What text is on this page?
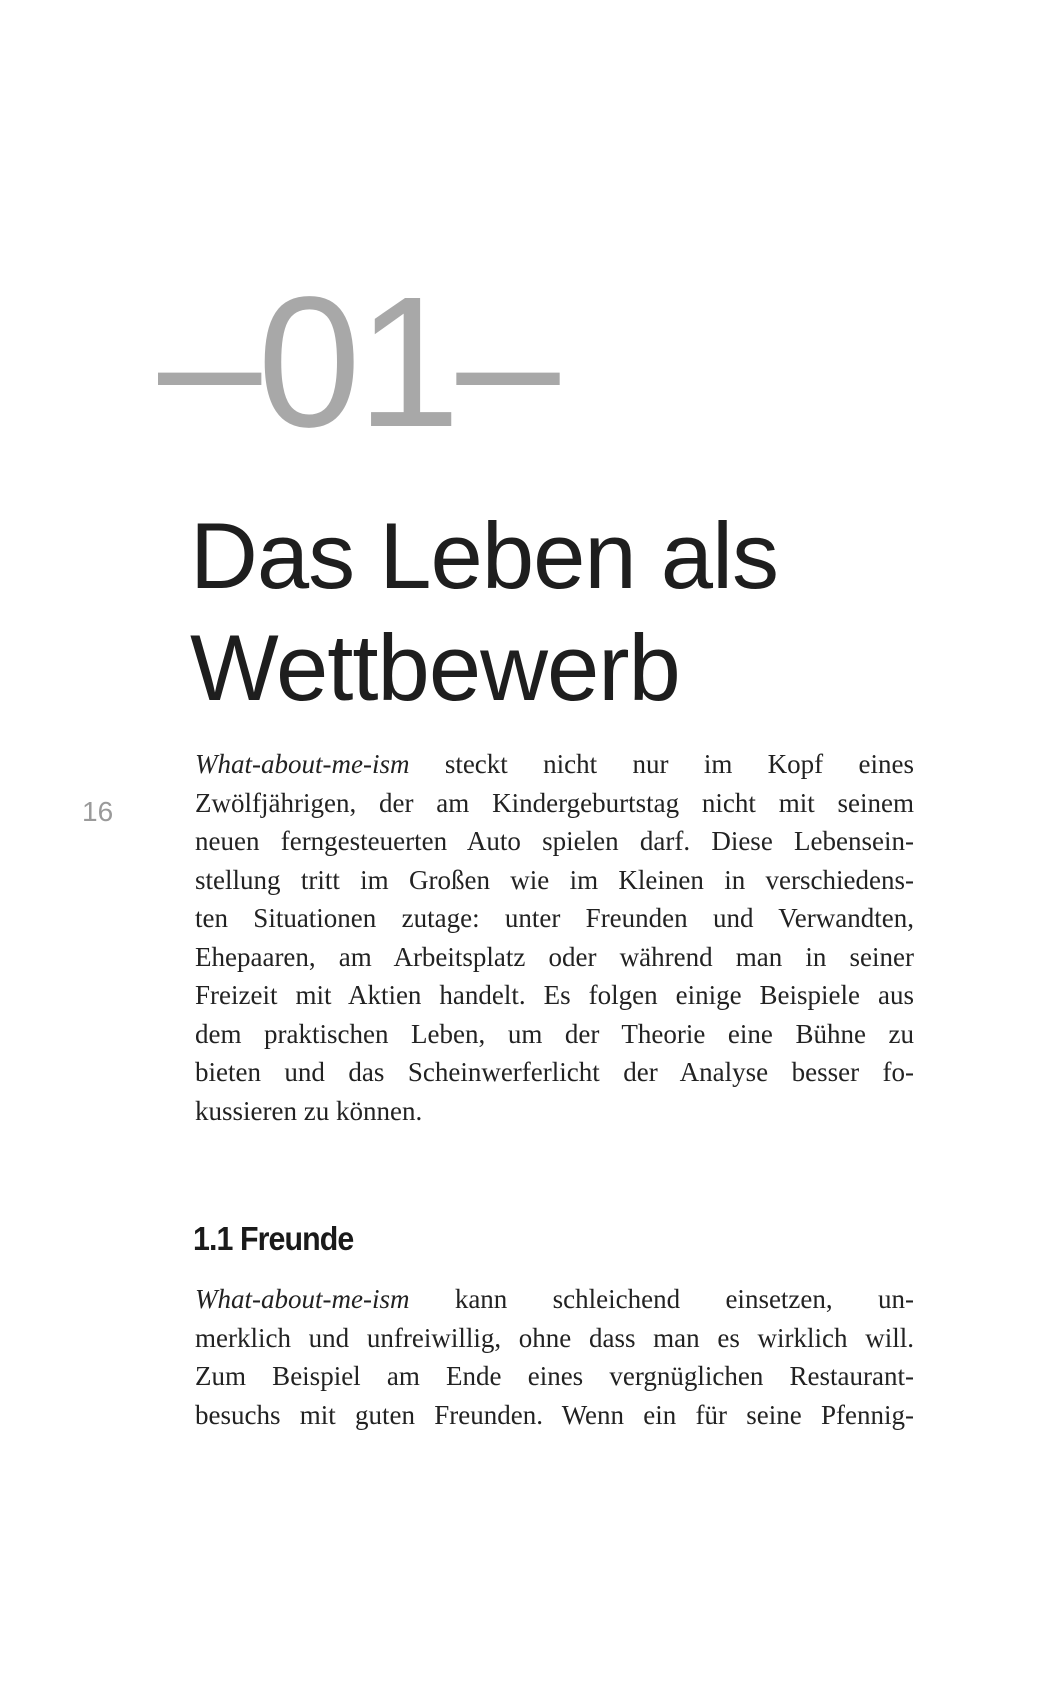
–01–
Das Leben als
Wettbewerb
16
What-about-me-ism steckt nicht nur im Kopf eines
Zwölfjährigen, der am Kindergeburtstag nicht mit seinem
neuen ferngesteuerten Auto spielen darf. Diese Lebensein-
stellung tritt im Großen wie im Kleinen in verschiedens-
ten Situationen zutage: unter Freunden und Verwandten,
Ehepaaren, am Arbeitsplatz oder während man in seiner
Freizeit mit Aktien handelt. Es folgen einige Beispiele aus
dem praktischen Leben, um der Theorie eine Bühne zu
bieten und das Scheinwerferlicht der Analyse besser fo-
kussieren zu können.
1.1 Freunde
What-about-me-ism kann schleichend einsetzen, un-
merklich und unfreiwillig, ohne dass man es wirklich will.
Zum Beispiel am Ende eines vergnüglichen Restaurant-
besuchs mit guten Freunden. Wenn ein für seine Pfennig-
